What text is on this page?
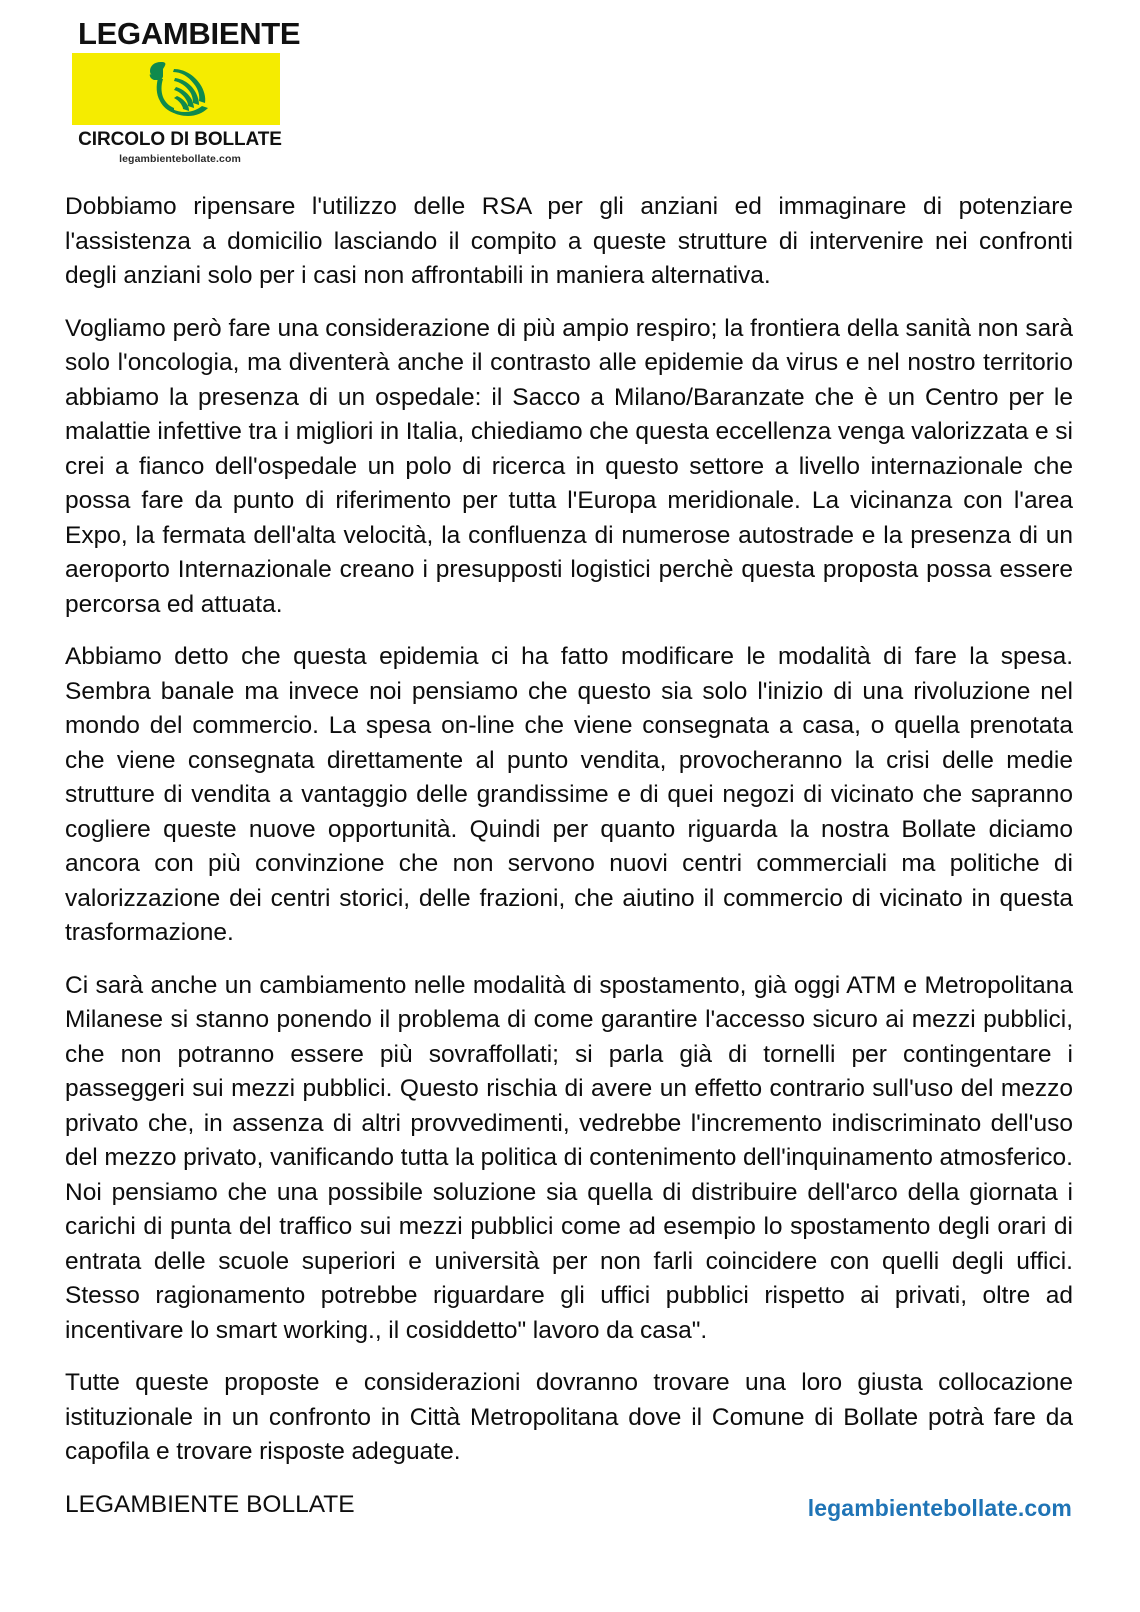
LEGAMBIENTE
CIRCOLO DI BOLLATE
legambientebollate.com

Dobbiamo ripensare l'utilizzo delle RSA per gli anziani ed immaginare di potenziare l'assistenza a domicilio lasciando il compito a queste strutture di intervenire nei confronti degli anziani solo per i casi non affrontabili in maniera alternativa.

Vogliamo però fare una considerazione di più ampio respiro; la frontiera della sanità non sarà solo l'oncologia, ma diventerà anche il contrasto alle epidemie da virus e nel nostro territorio abbiamo la presenza di un ospedale: il Sacco a Milano/Baranzate che è un Centro per le malattie infettive tra i migliori in Italia, chiediamo che questa eccellenza venga valorizzata e si crei a fianco dell'ospedale un polo di ricerca in questo settore a livello internazionale che possa fare da punto di riferimento per tutta l'Europa meridionale. La vicinanza con l'area Expo, la fermata dell'alta velocità, la confluenza di numerose autostrade e la presenza di un aeroporto Internazionale creano i presupposti logistici perchè questa proposta possa essere percorsa ed attuata.

Abbiamo detto che questa epidemia ci ha fatto modificare le modalità di fare la spesa. Sembra banale ma invece noi pensiamo che questo sia solo l'inizio di una rivoluzione nel mondo del commercio. La spesa on-line che viene consegnata a casa, o quella prenotata che viene consegnata direttamente al punto vendita, provocheranno la crisi delle medie strutture di vendita a vantaggio delle grandissime e di quei negozi di vicinato che sapranno cogliere queste nuove opportunità. Quindi per quanto riguarda la nostra Bollate diciamo ancora con più convinzione che non servono nuovi centri commerciali ma politiche di valorizzazione dei centri storici, delle frazioni, che aiutino il commercio di vicinato in questa trasformazione.

Ci sarà anche un cambiamento nelle modalità di spostamento, già oggi ATM e Metropolitana Milanese si stanno ponendo il problema di come garantire l'accesso sicuro ai mezzi pubblici, che non potranno essere più sovraffollati; si parla già di tornelli per contingentare i passeggeri sui mezzi pubblici. Questo rischia di avere un effetto contrario sull'uso del mezzo privato che, in assenza di altri provvedimenti, vedrebbe l'incremento indiscriminato dell'uso del mezzo privato, vanificando tutta la politica di contenimento dell'inquinamento atmosferico. Noi pensiamo che una possibile soluzione sia quella di distribuire dell'arco della giornata i carichi di punta del traffico sui mezzi pubblici come ad esempio lo spostamento degli orari di entrata delle scuole superiori e università per non farli coincidere con quelli degli uffici. Stesso ragionamento potrebbe riguardare gli uffici pubblici rispetto ai privati, oltre ad incentivare lo smart working., il cosiddetto" lavoro da casa".

Tutte queste proposte e considerazioni dovranno trovare una loro giusta collocazione istituzionale in un confronto in Città Metropolitana dove il Comune di Bollate potrà fare da capofila e trovare risposte adeguate.

LEGAMBIENTE BOLLATE	legambientebollate.com
